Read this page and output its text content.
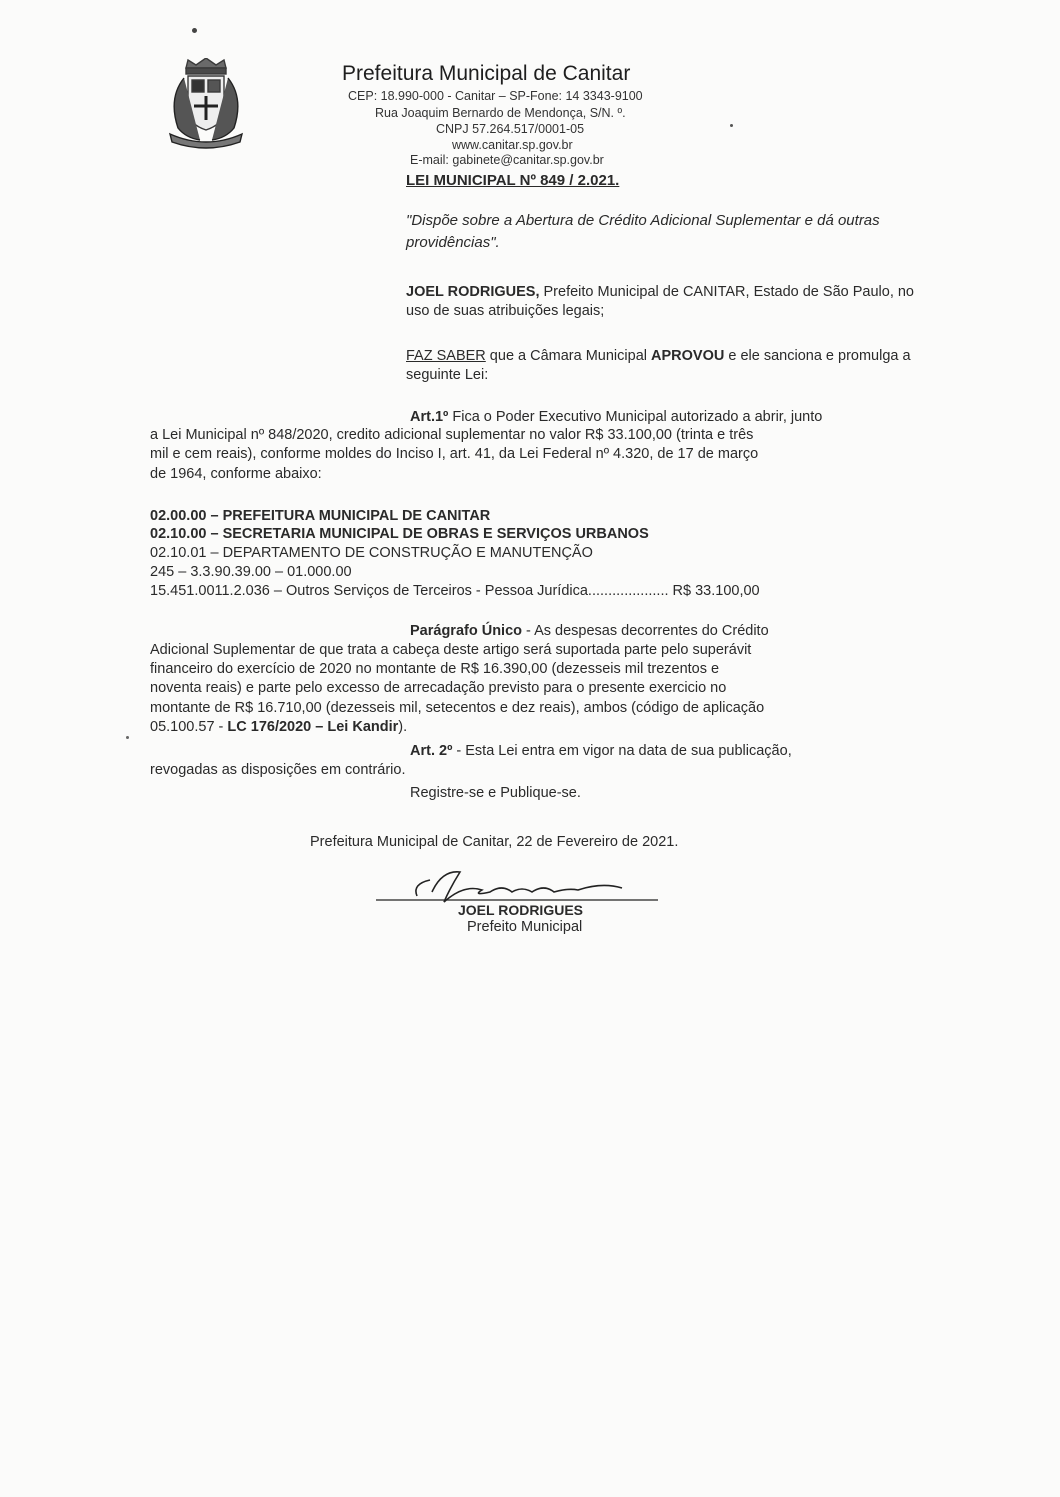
Prefeitura Municipal de Canitar
CEP: 18.990-000 - Canitar – SP-Fone: 14 3343-9100
Rua Joaquim Bernardo de Mendonça, S/N. º.
CNPJ 57.264.517/0001-05
www.canitar.sp.gov.br
E-mail: gabinete@canitar.sp.gov.br
LEI MUNICIPAL Nº 849 / 2.021.
"Dispõe sobre a Abertura de Crédito Adicional Suplementar e dá outras providências".
JOEL RODRIGUES, Prefeito Municipal de CANITAR, Estado de São Paulo, no uso de suas atribuições legais;
FAZ SABER que a Câmara Municipal APROVOU e ele sanciona e promulga a seguinte Lei:
Art.1º Fica o Poder Executivo Municipal autorizado a abrir, junto
a Lei Municipal nº 848/2020, credito adicional suplementar no valor R$ 33.100,00 (trinta e três
mil e cem reais), conforme moldes do Inciso I, art. 41, da Lei Federal nº 4.320, de 17 de março
de 1964, conforme abaixo:
02.00.00 – PREFEITURA MUNICIPAL DE CANITAR
02.10.00 – SECRETARIA MUNICIPAL DE OBRAS E SERVIÇOS URBANOS
02.10.01 – DEPARTAMENTO DE CONSTRUÇÃO E MANUTENÇÃO
245 – 3.3.90.39.00 – 01.000.00
15.451.0011.2.036 – Outros Serviços de Terceiros - Pessoa Jurídica.................... R$ 33.100,00
Parágrafo Único - As despesas decorrentes do Crédito
Adicional Suplementar de que trata a cabeça deste artigo será suportada parte pelo superávit
financeiro do exercício de 2020 no montante de R$ 16.390,00 (dezesseis mil trezentos e
noventa reais) e parte pelo excesso de arrecadação previsto para o presente exercicio no
montante de R$ 16.710,00 (dezesseis mil, setecentos e dez reais), ambos (código de aplicação
05.100.57 - LC 176/2020 – Lei Kandir).
Art. 2º - Esta Lei entra em vigor na data de sua publicação,
revogadas as disposições em contrário.
Registre-se e Publique-se.
Prefeitura Municipal de Canitar, 22 de Fevereiro de 2021.
JOEL RODRIGUES
Prefeito Municipal
